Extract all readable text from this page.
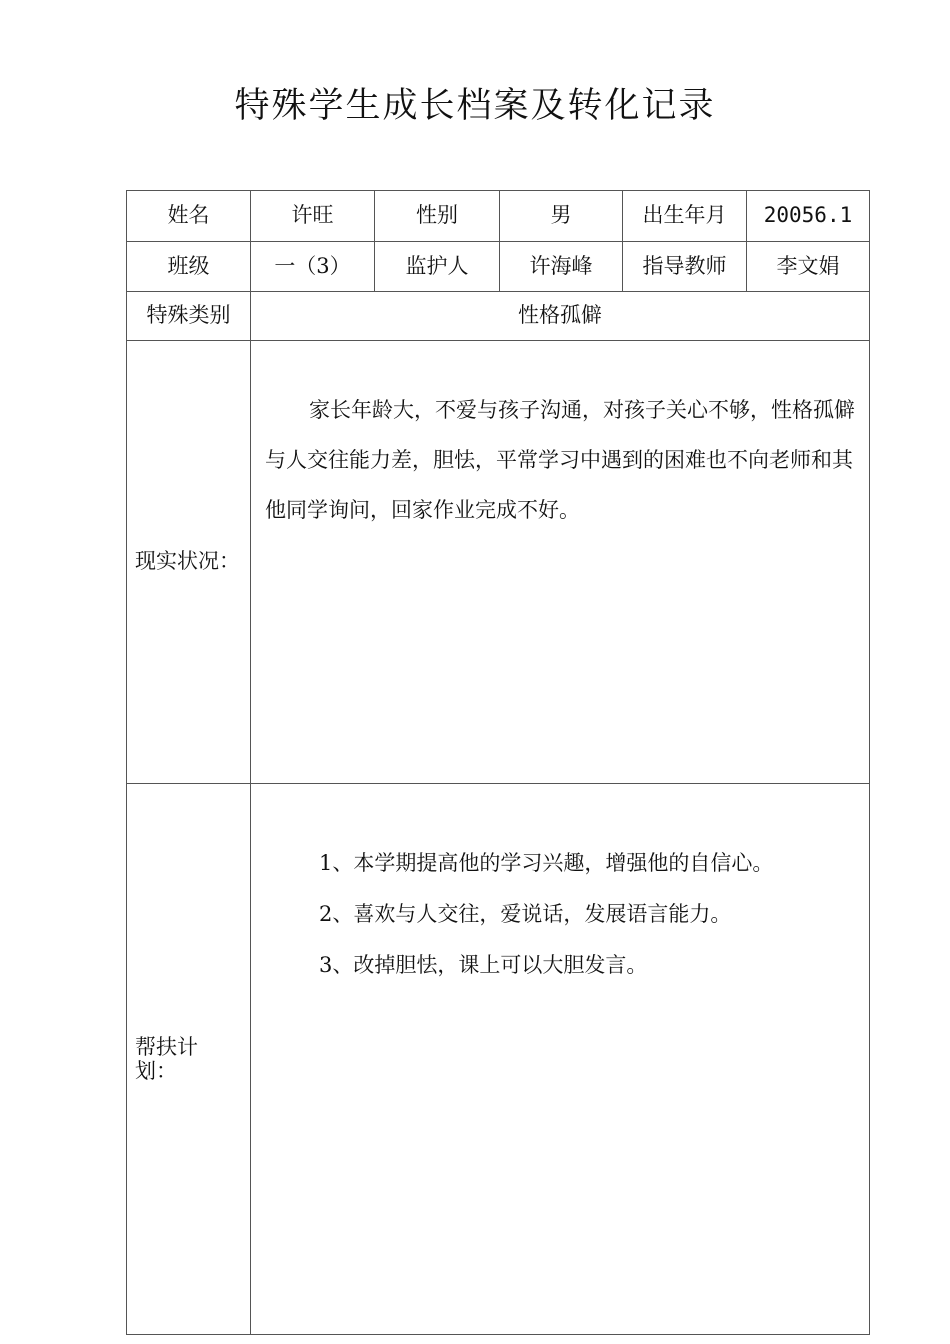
特殊学生成长档案及转化记录
姓名	许旺	性别	男	出生年月	20056.1
班级	一（3）	监护人	许海峰	指导教师	李文娟
特殊类别	性格孤僻				
现实状况：	家长年龄大，不爱与孩子沟通，对孩子关心不够，性格孤僻与人交往能力差，胆怯，平常学习中遇到的困难也不向老师和其他同学询问，回家作业完成不好。				
帮扶计划：	1、本学期提高他的学习兴趣，增强他的自信心。
2、喜欢与人交往，爱说话，发展语言能力。
3、改掉胆怯，课上可以大胆发言。				
